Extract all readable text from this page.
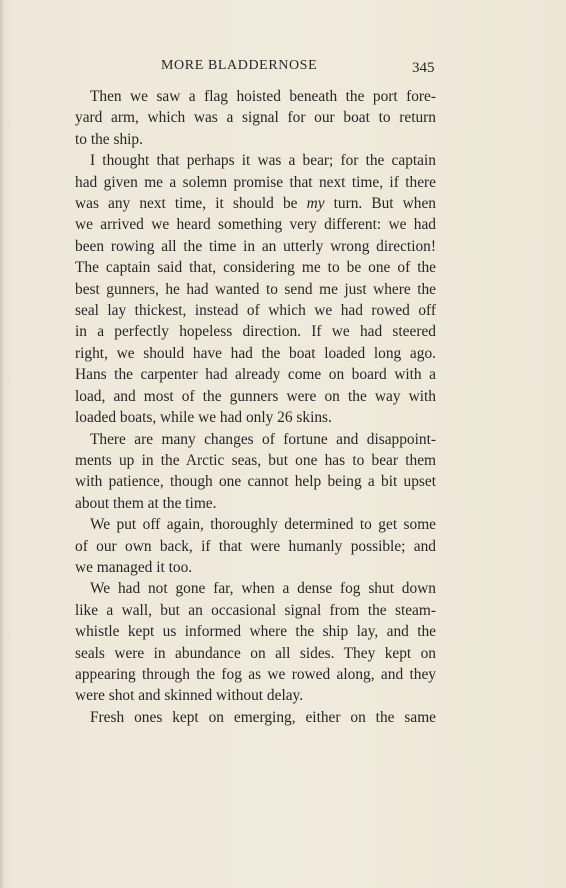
MORE BLADDERNOSE	345
Then we saw a flag hoisted beneath the port fore-
yard arm, which was a signal for our boat to return
to the ship.
I thought that perhaps it was a bear; for the captain
had given me a solemn promise that next time, if there
was any next time, it should be my turn. But when
we arrived we heard something very different: we had
been rowing all the time in an utterly wrong direction!
The captain said that, considering me to be one of the
best gunners, he had wanted to send me just where the
seal lay thickest, instead of which we had rowed off
in a perfectly hopeless direction. If we had steered
right, we should have had the boat loaded long ago.
Hans the carpenter had already come on board with a
load, and most of the gunners were on the way with
loaded boats, while we had only 26 skins.
There are many changes of fortune and disappoint-
ments up in the Arctic seas, but one has to bear them
with patience, though one cannot help being a bit upset
about them at the time.
We put off again, thoroughly determined to get some
of our own back, if that were humanly possible; and
we managed it too.
We had not gone far, when a dense fog shut down
like a wall, but an occasional signal from the steam-
whistle kept us informed where the ship lay, and the
seals were in abundance on all sides. They kept on
appearing through the fog as we rowed along, and they
were shot and skinned without delay.
Fresh ones kept on emerging, either on the same
